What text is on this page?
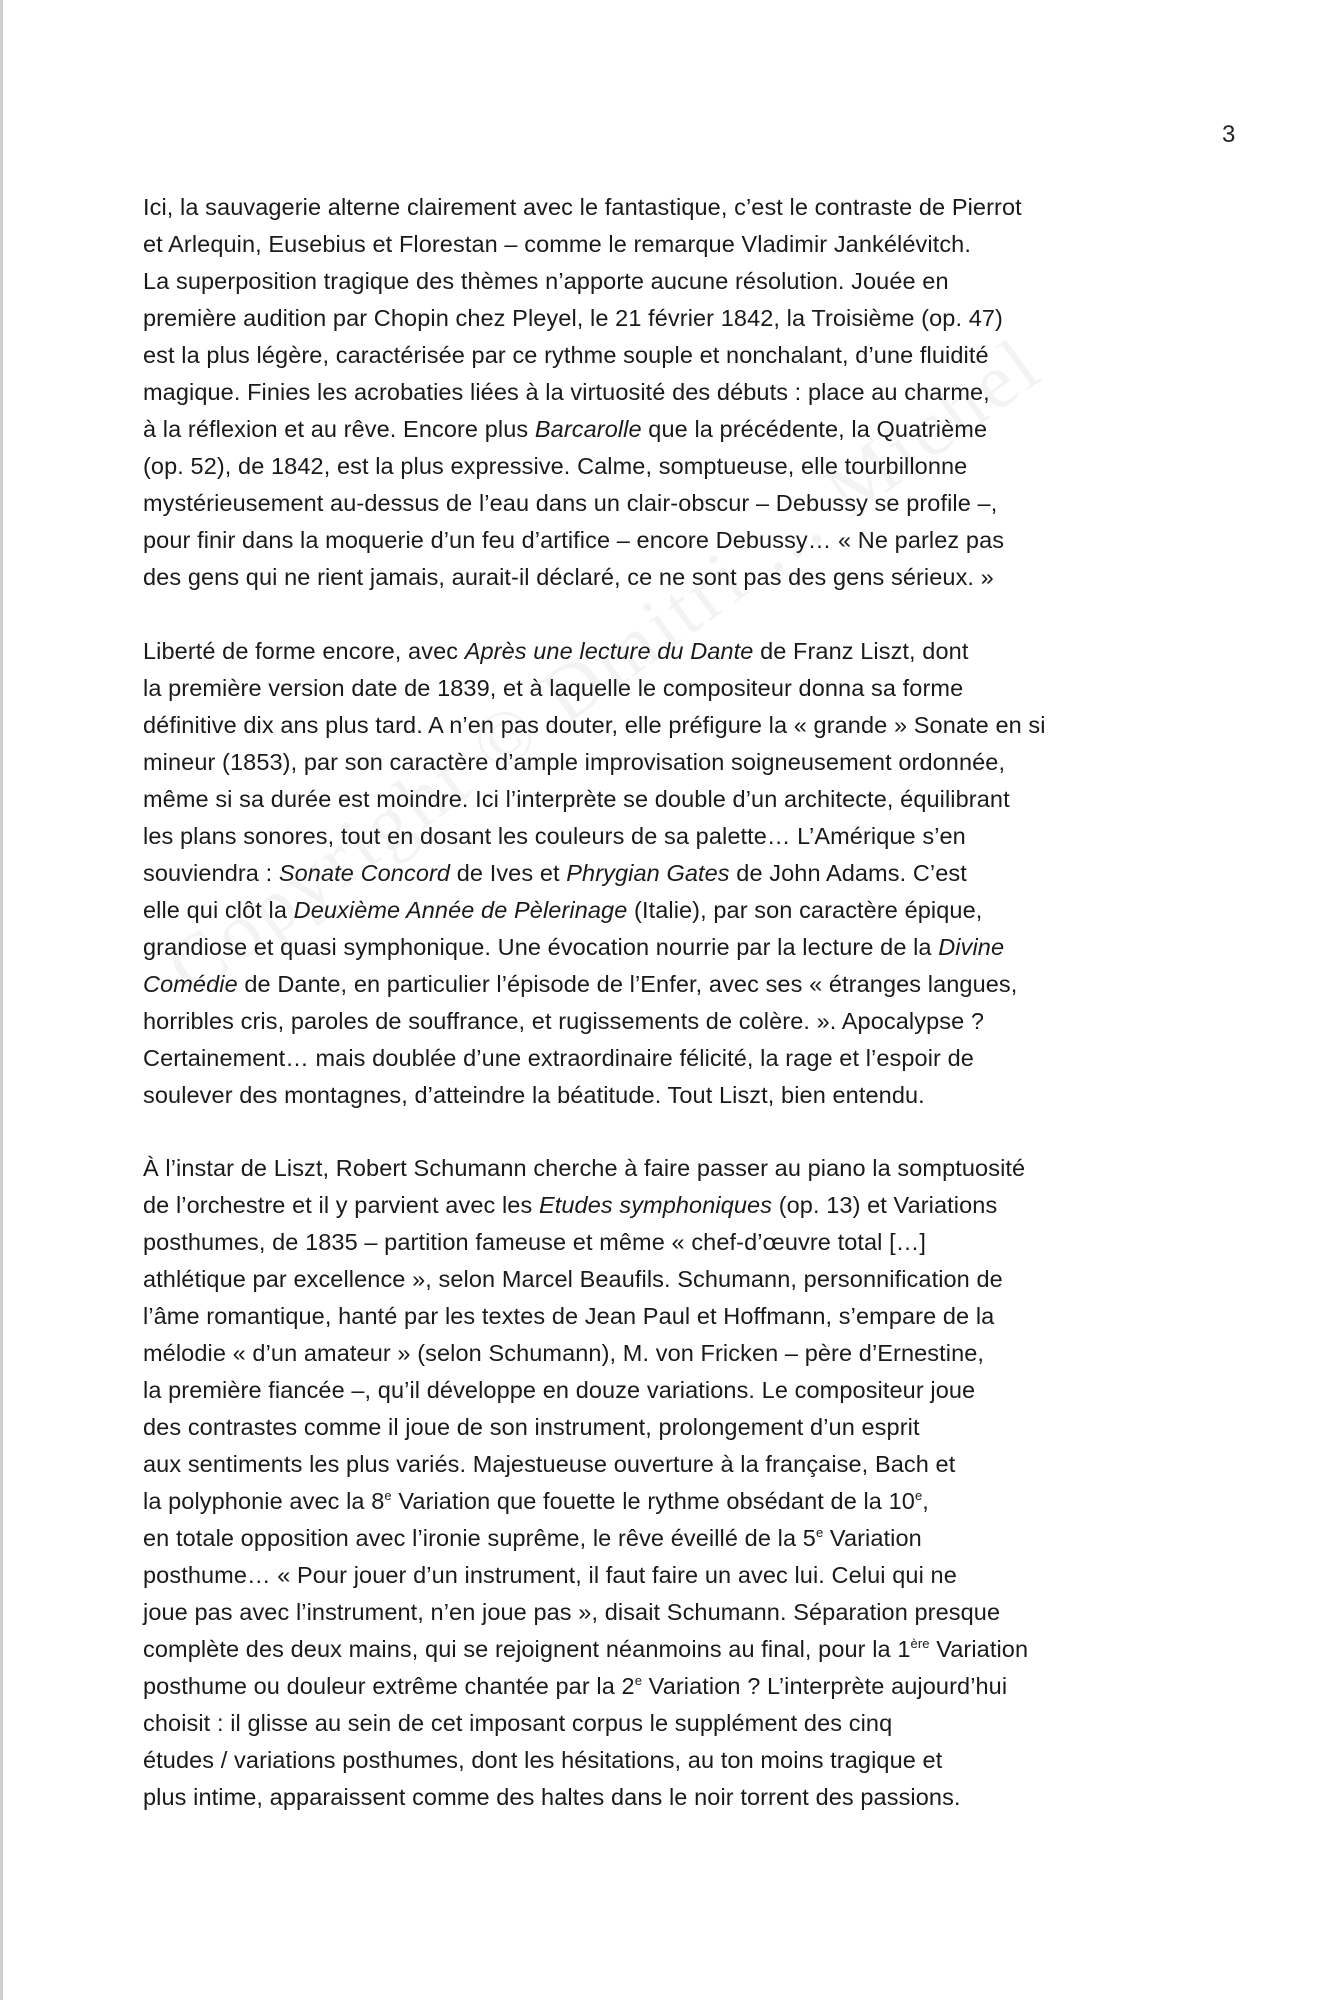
3

Ici, la sauvagerie alterne clairement avec le fantastique, c’est le contraste de Pierrot
et Arlequin, Eusebius et Florestan – comme le remarque Vladimir Jankélévitch.
La superposition tragique des thèmes n’apporte aucune résolution. Jouée en
première audition par Chopin chez Pleyel, le 21 février 1842, la Troisième (op. 47)
est la plus légère, caractérisée par ce rythme souple et nonchalant, d’une fluidité
magique. Finies les acrobaties liées à la virtuosité des débuts : place au charme,
à la réflexion et au rêve. Encore plus Barcarolle que la précédente, la Quatrième
(op. 52), de 1842, est la plus expressive. Calme, somptueuse, elle tourbillonne
mystérieusement au-dessus de l’eau dans un clair-obscur – Debussy se profile –,
pour finir dans la moquerie d’un feu d’artifice – encore Debussy… « Ne parlez pas
des gens qui ne rient jamais, aurait-il déclaré, ce ne sont pas des gens sérieux. »

Liberté de forme encore, avec Après une lecture du Dante de Franz Liszt, dont
la première version date de 1839, et à laquelle le compositeur donna sa forme
définitive dix ans plus tard. A n’en pas douter, elle préfigure la « grande » Sonate en si
mineur (1853), par son caractère d’ample improvisation soigneusement ordonnée,
même si sa durée est moindre. Ici l’interprète se double d’un architecte, équilibrant
les plans sonores, tout en dosant les couleurs de sa palette… L’Amérique s’en
souviendra : Sonate Concord de Ives et Phrygian Gates de John Adams. C’est
elle qui clôt la Deuxième Année de Pèlerinage (Italie), par son caractère épique,
grandiose et quasi symphonique. Une évocation nourrie par la lecture de la Divine
Comédie de Dante, en particulier l’épisode de l’Enfer, avec ses « étranges langues,
horribles cris, paroles de souffrance, et rugissements de colère. ». Apocalypse ?
Certainement… mais doublée d’une extraordinaire félicité, la rage et l’espoir de
soulever des montagnes, d’atteindre la béatitude. Tout Liszt, bien entendu.

À l’instar de Liszt, Robert Schumann cherche à faire passer au piano la somptuosité
de l’orchestre et il y parvient avec les Etudes symphoniques (op. 13) et Variations
posthumes, de 1835 – partition fameuse et même « chef-d’œuvre total […]
athlétique par excellence », selon Marcel Beaufils. Schumann, personnification de
l’âme romantique, hanté par les textes de Jean Paul et Hoffmann, s’empare de la
mélodie « d’un amateur » (selon Schumann), M. von Fricken – père d’Ernestine,
la première fiancée –, qu’il développe en douze variations. Le compositeur joue
des contrastes comme il joue de son instrument, prolongement d’un esprit
aux sentiments les plus variés. Majestueuse ouverture à la française, Bach et
la polyphonie avec la 8e Variation que fouette le rythme obsédant de la 10e,
en totale opposition avec l’ironie suprême, le rêve éveillé de la 5e Variation
posthume… « Pour jouer d’un instrument, il faut faire un avec lui. Celui qui ne
joue pas avec l’instrument, n’en joue pas », disait Schumann. Séparation presque
complète des deux mains, qui se rejoignent néanmoins au final, pour la 1ère Variation
posthume ou douleur extrême chantée par la 2e Variation ? L’interprète aujourd’hui
choisit : il glisse au sein de cet imposant corpus le supplément des cinq
études / variations posthumes, dont les hésitations, au ton moins tragique et
plus intime, apparaissent comme des haltes dans le noir torrent des passions.
